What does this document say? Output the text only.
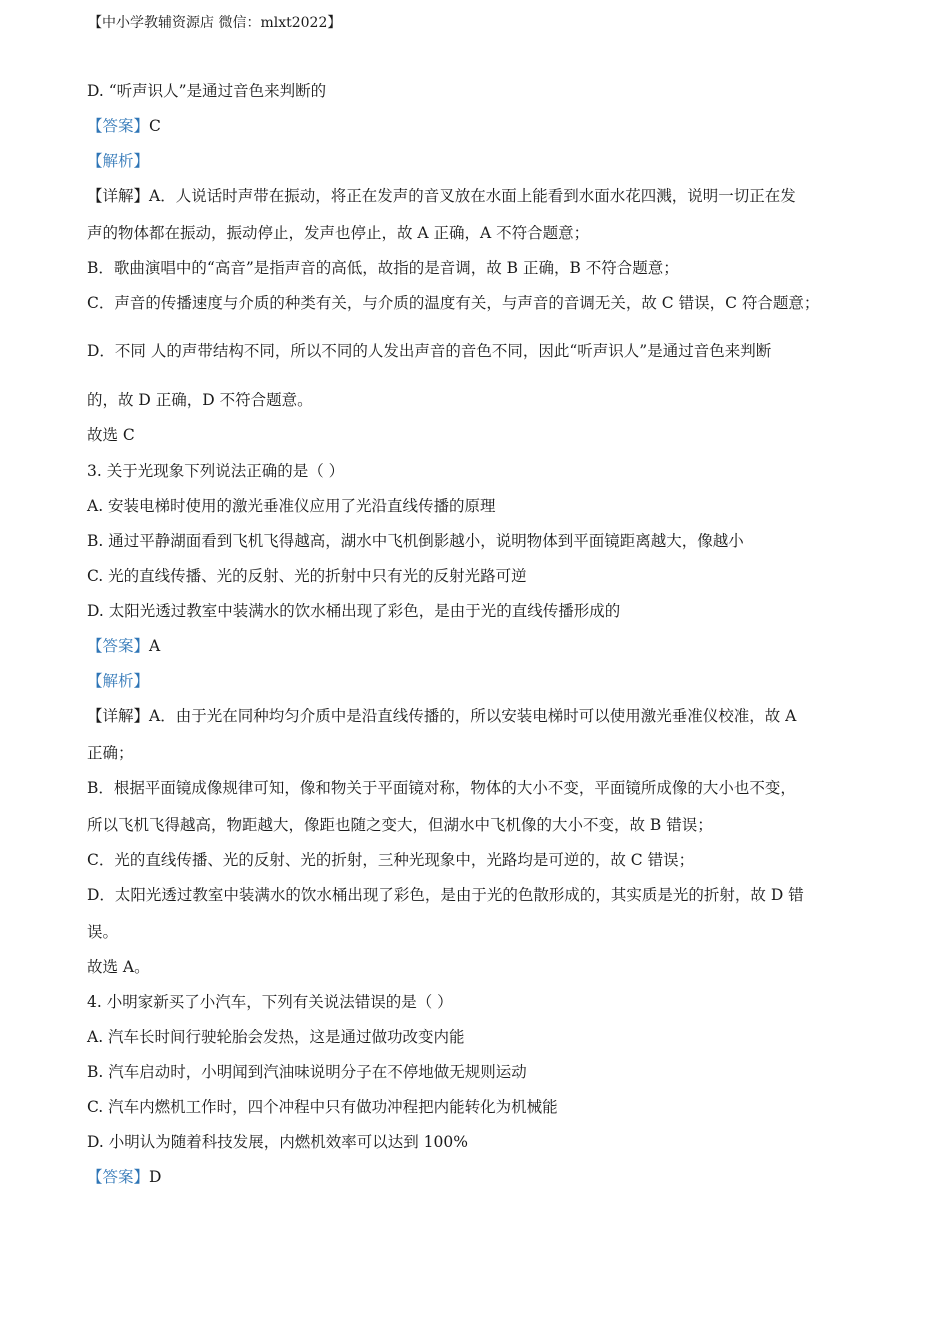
【中小学教辅资源店 微信：mlxt2022】
D. “听声识人”是通过音色来判断的
【答案】C
【解析】
【详解】A．人说话时声带在振动，将正在发声的音叉放在水面上能看到水面水花四溅，说明一切正在发
声的物体都在振动，振动停止，发声也停止，故 A 正确，A 不符合题意；
B．歌曲演唱中的“高音”是指声音的高低，故指的是音调，故 B 正确，B 不符合题意；
C．声音的传播速度与介质的种类有关，与介质的温度有关，与声音的音调无关，故 C 错误，C 符合题意；
D．不同 人的声带结构不同，所以不同的人发出声音的音色不同，因此“听声识人”是通过音色来判断
的，故 D 正确，D 不符合题意。
故选 C
3. 关于光现象下列说法正确的是（ ）
A. 安装电梯时使用的激光垂准仪应用了光沿直线传播的原理
B. 通过平静湖面看到飞机飞得越高，湖水中飞机倒影越小，说明物体到平面镜距离越大，像越小
C. 光的直线传播、光的反射、光的折射中只有光的反射光路可逆
D. 太阳光透过教室中装满水的饮水桶出现了彩色，是由于光的直线传播形成的
【答案】A
【解析】
【详解】A．由于光在同种均匀介质中是沿直线传播的，所以安装电梯时可以使用激光垂准仪校准，故 A
正确；
B．根据平面镜成像规律可知，像和物关于平面镜对称，物体的大小不变，平面镜所成像的大小也不变，
所以飞机飞得越高，物距越大，像距也随之变大，但湖水中飞机像的大小不变，故 B 错误；
C．光的直线传播、光的反射、光的折射，三种光现象中，光路均是可逆的，故 C 错误；
D．太阳光透过教室中装满水的饮水桶出现了彩色，是由于光的色散形成的，其实质是光的折射，故 D 错
误。
故选 A。
4. 小明家新买了小汽车，下列有关说法错误的是（ ）
A. 汽车长时间行驶轮胎会发热，这是通过做功改变内能
B. 汽车启动时，小明闻到汽油味说明分子在不停地做无规则运动
C. 汽车内燃机工作时，四个冲程中只有做功冲程把内能转化为机械能
D. 小明认为随着科技发展，内燃机效率可以达到 100%
【答案】D
